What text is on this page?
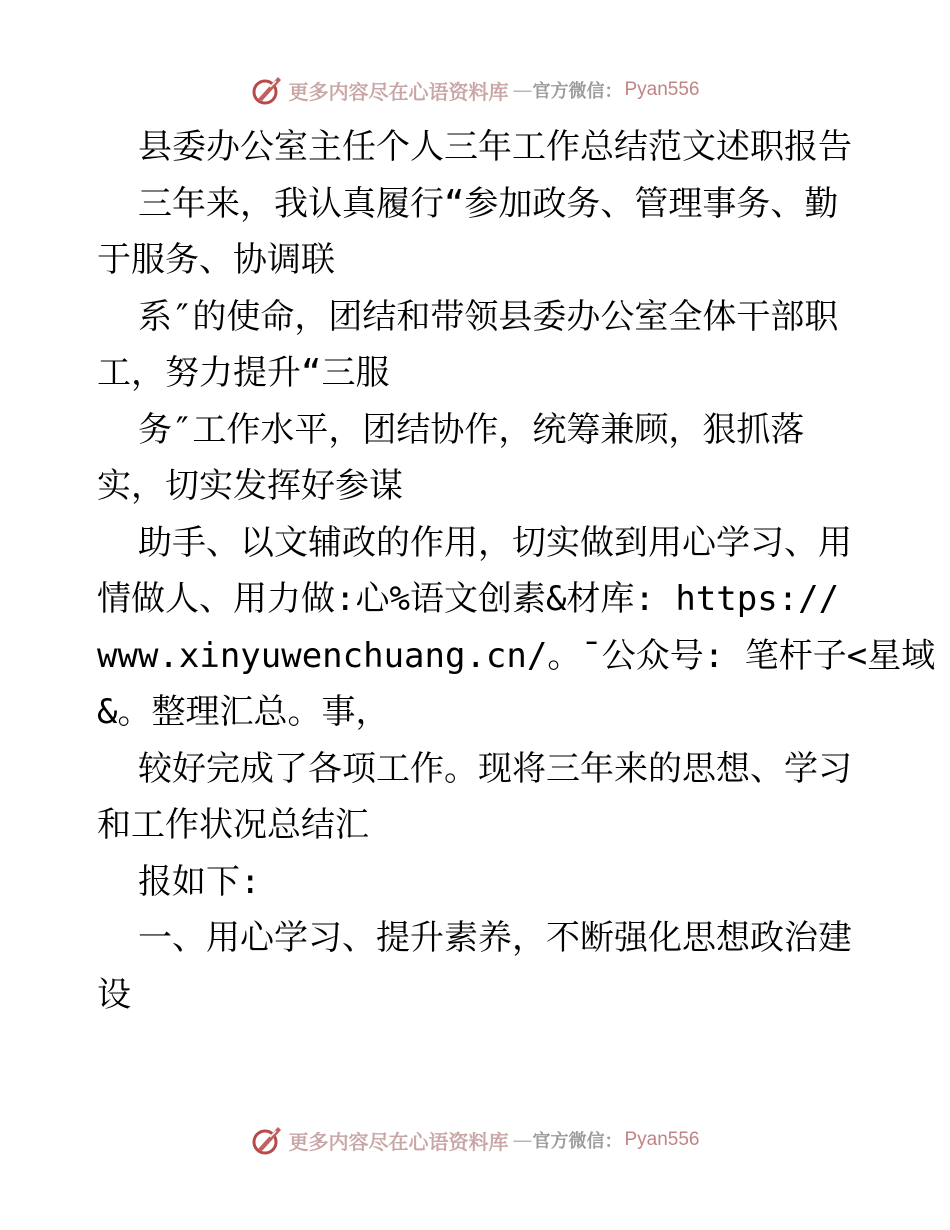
更多内容尽在心语资料库 — 官方微信： Pyan556
县委办公室主任个人三年工作总结范文述职报告
三年来，我认真履行“参加政务、管理事务、勤
于服务、协调联
系″的使命，团结和带领县委办公室全体干部职
工，努力提升“三服
务″工作水平，团结协作，统筹兼顾，狠抓落
实，切实发挥好参谋
助手、以文辅政的作用，切实做到用心学习、用
情做人、用力做:心%语文创素&材库: https://
www.xinyuwenchuang.cn/。¯公众号: 笔杆子<星域
&。整理汇总。事，
较好完成了各项工作。现将三年来的思想、学习
和工作状况总结汇
报如下:
一、用心学习、提升素养，不断强化思想政治建
设
更多内容尽在心语资料库 — 官方微信： Pyan556
